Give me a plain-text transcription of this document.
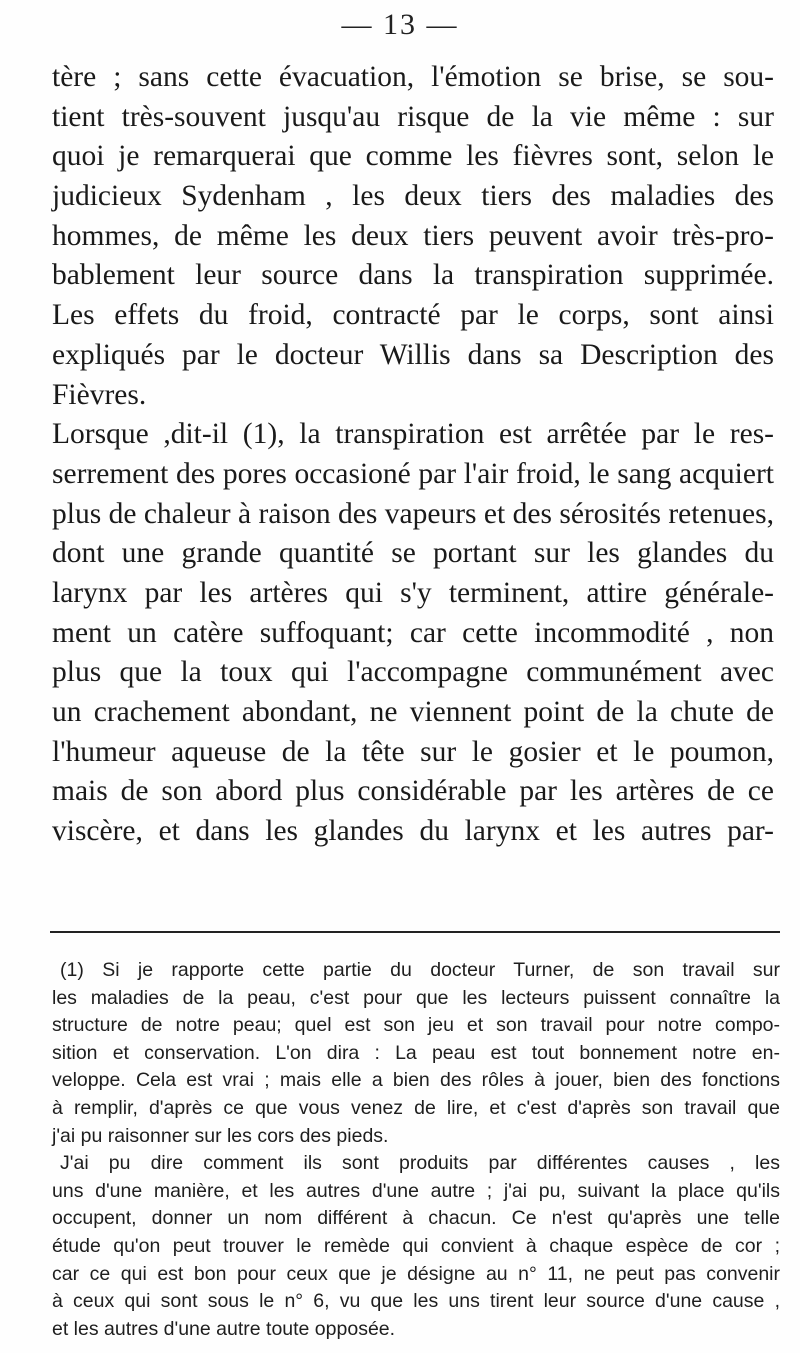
— 13 —
tère ; sans cette évacuation, l'émotion se brise, se sou-
tient très-souvent jusqu'au risque de la vie même : sur
quoi je remarquerai que comme les fièvres sont, selon le
judicieux Sydenham , les deux tiers des maladies des
hommes, de même les deux tiers peuvent avoir très-pro-
bablement leur source dans la transpiration supprimée.
Les effets du froid, contracté par le corps, sont ainsi
expliqués par le docteur Willis dans sa Description des
Fièvres.
Lorsque ,dit-il (1), la transpiration est arrêtée par le res-
serrement des pores occasioné par l'air froid, le sang acquiert
plus de chaleur à raison des vapeurs et des sérosités retenues,
dont une grande quantité se portant sur les glandes du
larynx par les artères qui s'y terminent, attire générale-
ment un catère suffoquant; car cette incommodité , non
plus que la toux qui l'accompagne communément avec
un crachement abondant, ne viennent point de la chute de
l'humeur aqueuse de la tête sur le gosier et le poumon,
mais de son abord plus considérable par les artères de ce
viscère, et dans les glandes du larynx et les autres par-
(1) Si je rapporte cette partie du docteur Turner, de son travail sur
les maladies de la peau, c'est pour que les lecteurs puissent connaître la
structure de notre peau; quel est son jeu et son travail pour notre compo-
sition et conservation. L'on dira : La peau est tout bonnement notre en-
veloppe. Cela est vrai ; mais elle a bien des rôles à jouer, bien des fonctions
à remplir, d'après ce que vous venez de lire, et c'est d'après son travail que
j'ai pu raisonner sur les cors des pieds.
J'ai pu dire comment ils sont produits par différentes causes , les
uns d'une manière, et les autres d'une autre ; j'ai pu, suivant la place qu'ils
occupent, donner un nom différent à chacun. Ce n'est qu'après une telle
étude qu'on peut trouver le remède qui convient à chaque espèce de cor ;
car ce qui est bon pour ceux que je désigne au n° 11, ne peut pas convenir
à ceux qui sont sous le n° 6, vu que les uns tirent leur source d'une cause ,
et les autres d'une autre toute opposée.
